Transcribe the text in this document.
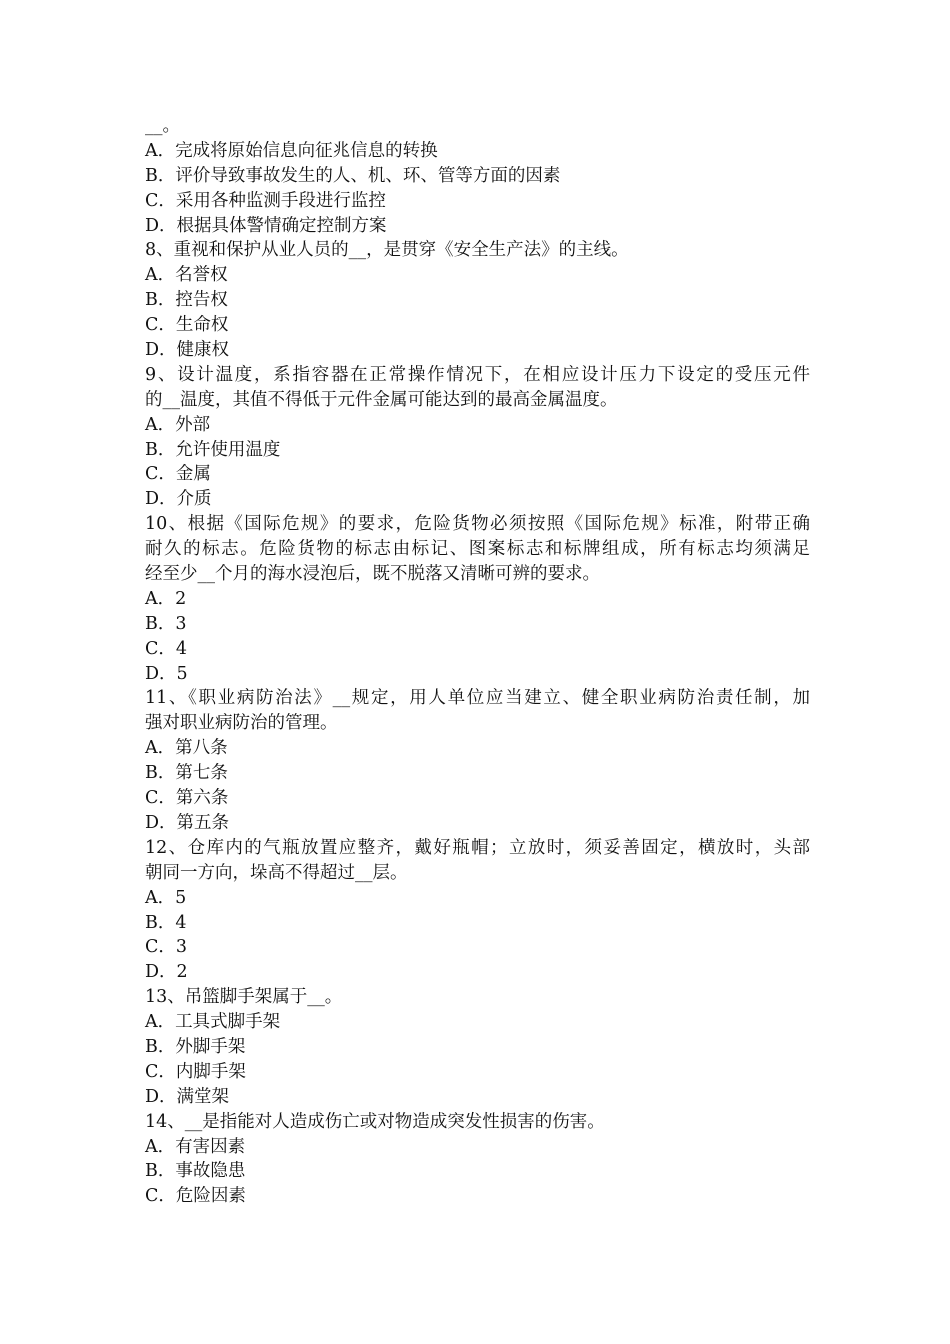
__。
A．完成将原始信息向征兆信息的转换
B．评价导致事故发生的人、机、环、管等方面的因素
C．采用各种监测手段进行监控
D．根据具体警情确定控制方案
8、重视和保护从业人员的__，是贯穿《安全生产法》的主线。
A．名誉权
B．控告权
C．生命权
D．健康权
9、设计温度，系指容器在正常操作情况下，在相应设计压力下设定的受压元件
的__温度，其值不得低于元件金属可能达到的最高金属温度。
A．外部
B．允许使用温度
C．金属
D．介质
10、根据《国际危规》的要求，危险货物必须按照《国际危规》标准，附带正确
耐久的标志。危险货物的标志由标记、图案标志和标牌组成，所有标志均须满足
经至少__个月的海水浸泡后，既不脱落又清晰可辨的要求。
A．2
B．3
C．4
D．5
11、《职业病防治法》__规定，用人单位应当建立、健全职业病防治责任制，加
强对职业病防治的管理。
A．第八条
B．第七条
C．第六条
D．第五条
12、仓库内的气瓶放置应整齐，戴好瓶帽；立放时，须妥善固定，横放时，头部
朝同一方向，垛高不得超过__层。
A．5
B．4
C．3
D．2
13、吊篮脚手架属于__。
A．工具式脚手架
B．外脚手架
C．内脚手架
D．满堂架
14、__是指能对人造成伤亡或对物造成突发性损害的伤害。
A．有害因素
B．事故隐患
C．危险因素
